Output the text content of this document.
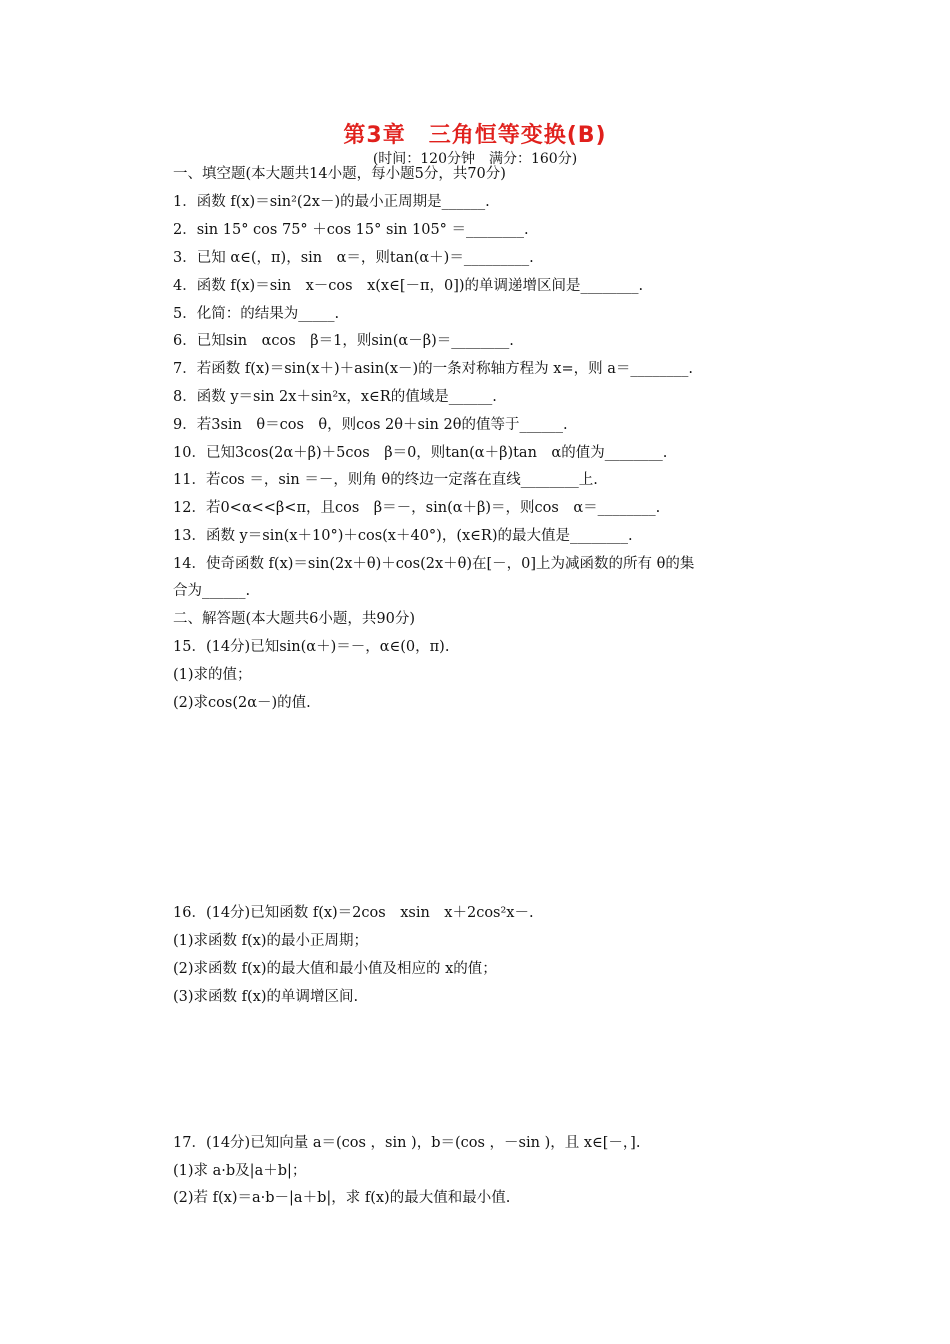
第3章　三角恒等变换(B)
(时间：120分钟　满分：160分)
一、填空题(本大题共14小题，每小题5分，共70分)
1．函数 f(x)＝sin²(2x－)的最小正周期是______.
2．sin 15° cos 75° ＋cos 15° sin 105° ＝________.
3．已知 α∈(，π)，sin　α＝，则tan(α＋)＝_________.
4．函数 f(x)＝sin　x－cos　x(x∈[－π，0])的单调递增区间是________.
5．化简：的结果为_____.
6．已知sin　αcos　β＝1，则sin(α－β)＝________.
7．若函数 f(x)＝sin(x＋)＋asin(x－)的一条对称轴方程为 x=，则 a＝________.
8．函数 y＝sin 2x＋sin²x，x∈R的值域是______.
9．若3sin　θ＝cos　θ，则cos 2θ＋sin 2θ的值等于______.
10．已知3cos(2α＋β)＋5cos　β＝0，则tan(α＋β)tan　α的值为________.
11．若cos ＝，sin ＝－，则角 θ的终边一定落在直线________上.
12．若0<α<<β<π，且cos　β＝－，sin(α＋β)＝，则cos　α＝________.
13．函数 y＝sin(x＋10°)＋cos(x＋40°)，(x∈R)的最大值是________.
14．使奇函数 f(x)＝sin(2x＋θ)＋cos(2x＋θ)在[－，0]上为减函数的所有 θ的集
合为______.
二、解答题(本大题共6小题，共90分)
15．(14分)已知sin(α＋)＝－，α∈(0，π).
(1)求的值；
(2)求cos(2α－)的值.
16．(14分)已知函数 f(x)＝2cos　xsin　x＋2cos²x－.
(1)求函数 f(x)的最小正周期；
(2)求函数 f(x)的最大值和最小值及相应的 x的值；
(3)求函数 f(x)的单调增区间.
17．(14分)已知向量 a＝(cos ，sin )，b＝(cos ，－sin )，且 x∈[－，].
(1)求 a·b及|a＋b|；
(2)若 f(x)＝a·b－|a＋b|，求 f(x)的最大值和最小值.
